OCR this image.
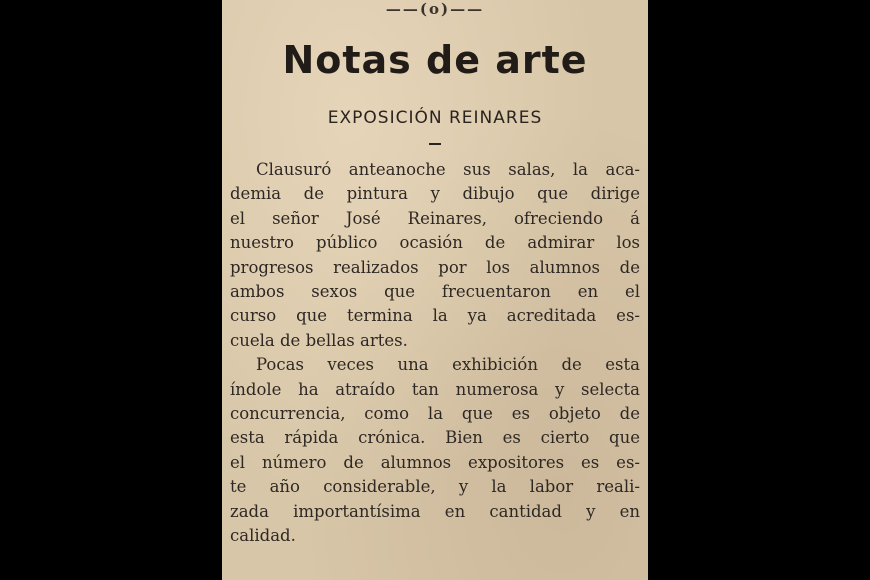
——(o)——
Notas de arte
EXPOSICIÓN REINARES
Clausuró anteanoche sus salas, la aca-
demia de pintura y dibujo que dirige
el señor José Reinares, ofreciendo á
nuestro público ocasión de admirar los
progresos realizados por los alumnos de
ambos sexos que frecuentaron en el
curso que termina la ya acreditada es-
cuela de bellas artes.
Pocas veces una exhibición de esta
índole ha atraído tan numerosa y selecta
concurrencia, como la que es objeto de
esta rápida crónica. Bien es cierto que
el número de alumnos expositores es es-
te año considerable, y la labor reali-
zada importantísima en cantidad y en
calidad.
